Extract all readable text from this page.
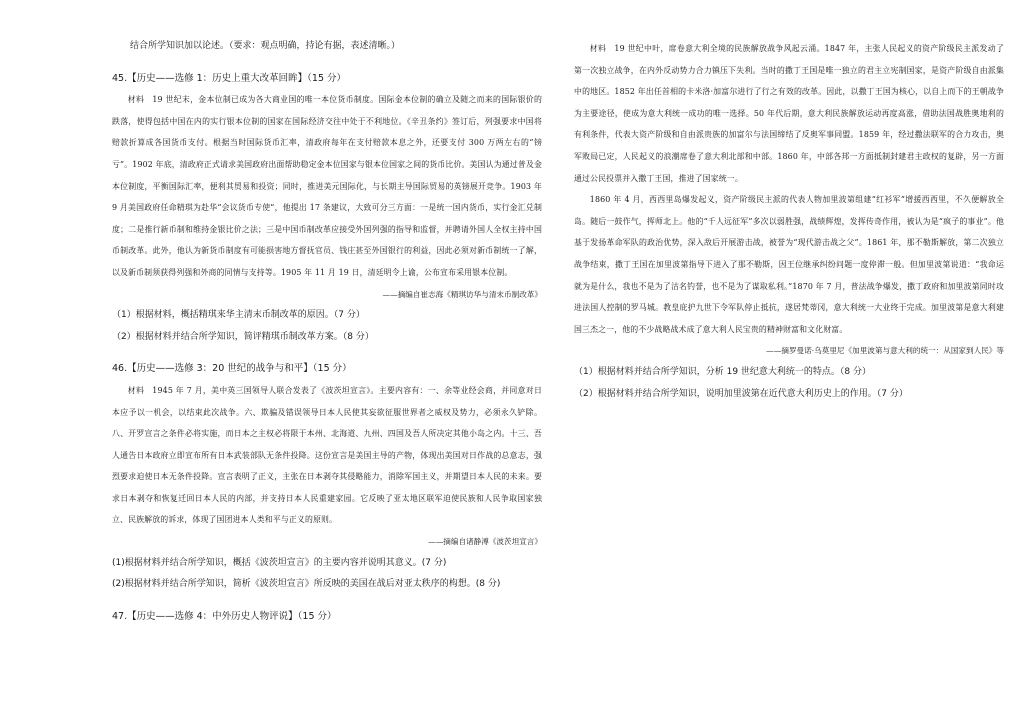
结合所学知识加以论述。（要求：观点明确，持论有据，表述清晰。）

45.【历史——选修 1：历史上重大改革回眸】（15 分）

材料　19 世纪末，金本位制已成为各大商业国的唯一本位货币制度。国际金本位制的确立及随之而来的国际银价的跌落，使得包括中国在内的实行银本位制的国家在国际经济交往中处于不利地位。《辛丑条约》签订后，列强要求中国将赔款折算成各国货币支付。根据当时国际货币汇率，清政府每年在支付赔款本息之外，还要支付 300 万两左右的“镑亏”。1902 年底，清政府正式请求美国政府出面帮助稳定金本位国家与银本位国家之间的货币比价。美国认为通过普及金本位制度，平衡国际汇率，便利其贸易和投资；同时，推进美元国际化，与长期主导国际贸易的英镑展开竞争。1903 年 9 月美国政府任命精琪为赴华“会议货币专使”，他提出 17 条建议，大致可分三方面：一是统一国内货币，实行金汇兑制度；二是推行新币制和维持金银比价之法；三是中国币制改革应接受外国列强的指导和监督，并聘请外国人全权主持中国币制改革。此外，他认为新货币制度有可能损害地方督抚官员、钱庄甚至外国银行的利益，因此必须对新币制统一了解，以及新币制须获得列强和外商的同情与支持等。1905 年 11 月 19 日，清廷明令上谕，公布宣布采用银本位制。

——摘编自崔志海《精琪访华与清末币制改革》

（1）根据材料，概括精琪来华主清末币制改革的原因。（7 分）

（2）根据材料并结合所学知识，简评精琪币制改革方案。（8 分）

46.【历史——选修 3：20 世纪的战争与和平】（15 分）

材料　1945 年 7 月，美中英三国领导人联合发表了《波茨坦宣言》。主要内容有：一、余等业经会商，并同意对日本应予以一机会，以结束此次战争。六、欺骗及错误领导日本人民使其妄欲征服世界者之威权及势力，必须永久铲除。八、开罗宣言之条件必将实施，而日本之主权必将限于本州、北海道、九州、四国及吾人所决定其他小岛之内。十三、吾人通告日本政府立即宣布所有日本武装部队无条件投降。这份宣言是美国主导的产物，体现出美国对日作战的总意志，强烈要求迫使日本无条件投降。宣言表明了正义，主张在日本剥夺其侵略能力，消除军国主义，并期望日本人民的未来。要求日本剥夺和恢复迁回日本人民的内部，并支持日本人民重建家园。它反映了亚太地区联军迫使民族和人民争取国家独立、民族解放的诉求，体现了国团进本人类和平与正义的原则。

——摘编自诸静溥《波茨坦宣言》

(1)根据材料并结合所学知识，概括《波茨坦宣言》的主要内容并说明其意义。(7 分)

(2)根据材料并结合所学知识，简析《波茨坦宣言》所反映的美国在战后对亚太秩序的构想。(8 分)

47.【历史——选修 4：中外历史人物评说】（15 分）

材料　19 世纪中叶，席卷意大利全境的民族解放战争风起云涌。1847 年，主张人民起义的资产阶级民主派发动了第一次独立战争，在内外反动势力合力镇压下失利。当时的撒丁王国是唯一独立的君主立宪制国家，是资产阶级自由派集中的地区。1852 年出任首相的卡米洛·加富尔进行了行之有效的改革。因此，以撒丁王国为核心，以自上而下的王朝战争为主要途径，使成为意大利统一成功的唯一选择。50 年代后期，意大利民族解放运动再度高涨，借助法国战胜奥地利的有利条件，代表大资产阶级和自由派贵族的加富尔与法国缔结了反奥军事同盟。1859 年，经过撒法联军的合力攻击，奥军败局已定，人民起义的浪潮席卷了意大利北部和中部。1860 年，中部各邦一方面抵制封建君主政权的复辟，另一方面通过公民投票并入撒丁王国，推进了国家统一。

1860 年 4 月，西西里岛爆发起义，资产阶级民主派的代表人物加里波第组建“红衫军”增援西西里，不久便解放全岛。随后一鼓作气，挥师北上。他的“千人远征军”多次以弱胜强，战绩辉煌，发挥传奇作用，被认为是“疯子的事业”。他基于发扬革命军队的政治优势，深入敌后开展游击战，被誉为“现代游击战之父”。1861 年，那不勒斯解放，第二次独立战争结束，撒丁王国在加里波第指导下进入了那不勒斯，因王位继承纠纷问题一度停滞一般。但加里波第说道：“我命运就为是什么，我也不是为了沽名钓誉，也不是为了谋取私利。”1870 年 7 月，普法战争爆发，撒丁政府和加里波第同时攻进法国人控制的罗马城。教皇庇护九世下令军队停止抵抗，遂居梵蒂冈，意大利统一大业终于完成。加里波第是意大利建国三杰之一，他的不少战略战术成了意大利人民宝贵的精神财富和文化财富。

——摘罗曼诺·乌莫里尼《加里波第与意大利的统一：从国家到人民》等

（1）根据材料并结合所学知识，分析 19 世纪意大利统一的特点。（8 分）

（2）根据材料并结合所学知识，说明加里波第在近代意大利历史上的作用。（7 分）
